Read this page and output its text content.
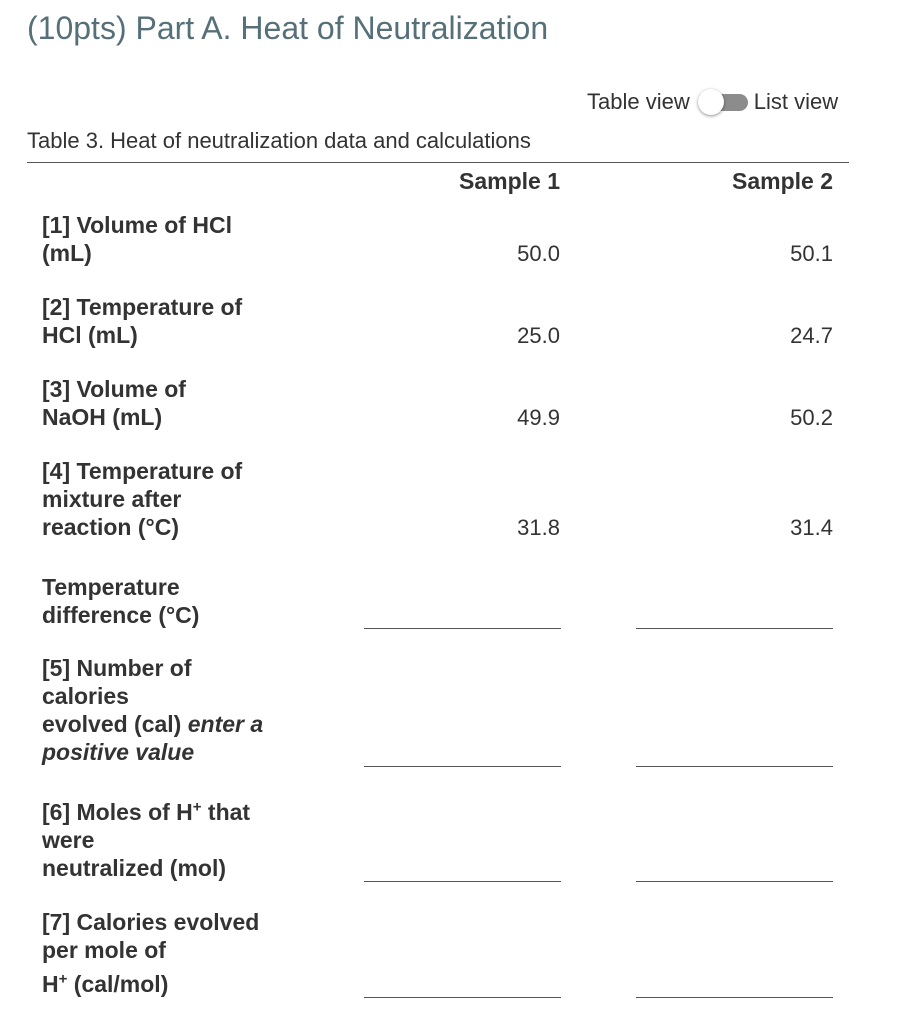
(10pts) Part A. Heat of Neutralization
Table view	List view
Table 3. Heat of neutralization data and calculations
Sample 1	Sample 2
[1] Volume of HCl
(mL)	50.0	50.1
[2] Temperature of
HCl (mL)	25.0	24.7
[3] Volume of
NaOH (mL)	49.9	50.2
[4] Temperature of
mixture after
reaction (°C)	31.8	31.4
Temperature
difference (°C)
[5] Number of
calories
evolved (cal) enter a
positive value
[6] Moles of H+ that
were
neutralized (mol)
[7] Calories evolved
per mole of
H+ (cal/mol)
